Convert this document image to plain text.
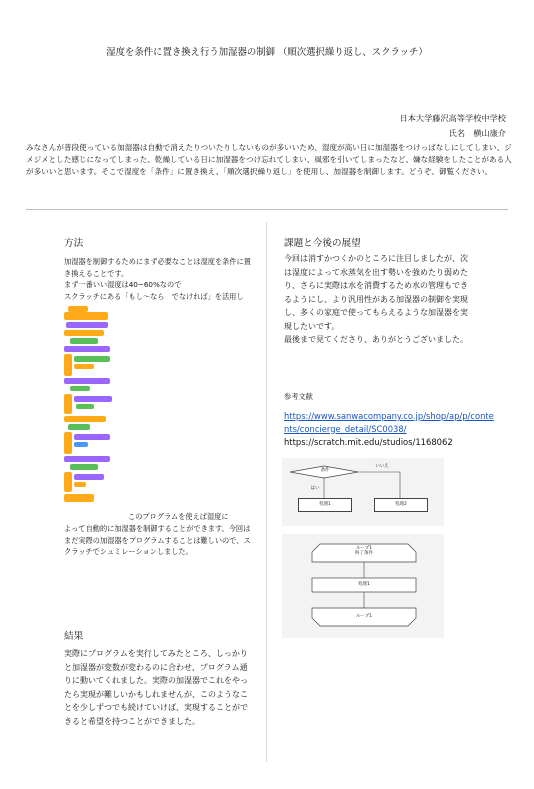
湿度を条件に置き換え行う加湿器の制御 （順次選択繰り返し、スクラッチ）
日本大学藤沢高等学校中学校
氏名　横山康介
みなさんが普段使っている加湿器は自動で消えたりついたりしないものが多いいため、湿度が高い日に加湿器をつけっぱなしにしてしまい、ジメジメとした感じになってしまった、乾燥している日に加湿器をつけ忘れてしまい、風邪を引いてしまったなど、嫌な経験をしたことがある人が多いいと思います。そこで湿度を「条件」に置き換え、「順次選択繰り返し」を使用し、加湿器を制御します。どうぞ、御覧ください。
方法
加湿器を制御するためにまず必要なことは湿度を条件に置き換えることです。
まず一番いい湿度は40~60%なので
スクラッチにある「もし～なら　でなければ」を活用し
このプログラムを使えば湿度に
よって自動的に加湿器を制御することができます。今回はまだ実際の加湿器をプログラムすることは難しいので、スクラッチでシュミレーションしました。
結果
実際にプログラムを実行してみたところ、しっかりと加湿器が変数が変わるのに合わせ、プログラム通りに動いてくれました。実際の加湿器でこれをやったら実現が難しいかもしれませんが、このようなことを少しずつでも続けていけば、実現することができると希望を持つことができました。
課題と今後の展望
今回は消すかつくかのところに注目しましたが、次は湿度によって水蒸気を出す勢いを強めたり弱めたり、さらに実際は水を消費するため水の管理もできるようにし、より汎用性がある加湿器の制御を実現し、多くの家庭で使ってもらえるような加湿器を実現したいです。
最後まで見てくださり、ありがとうございました。
参考文献
https://www.sanwacompany.co.jp/shop/ap/p/contents/concierge_detail/SC0038/
https://scratch.mit.edu/studios/1168062
条件
いいえ
はい
処理1	処理2
ループ1
終了条件
処理1
ループ1
